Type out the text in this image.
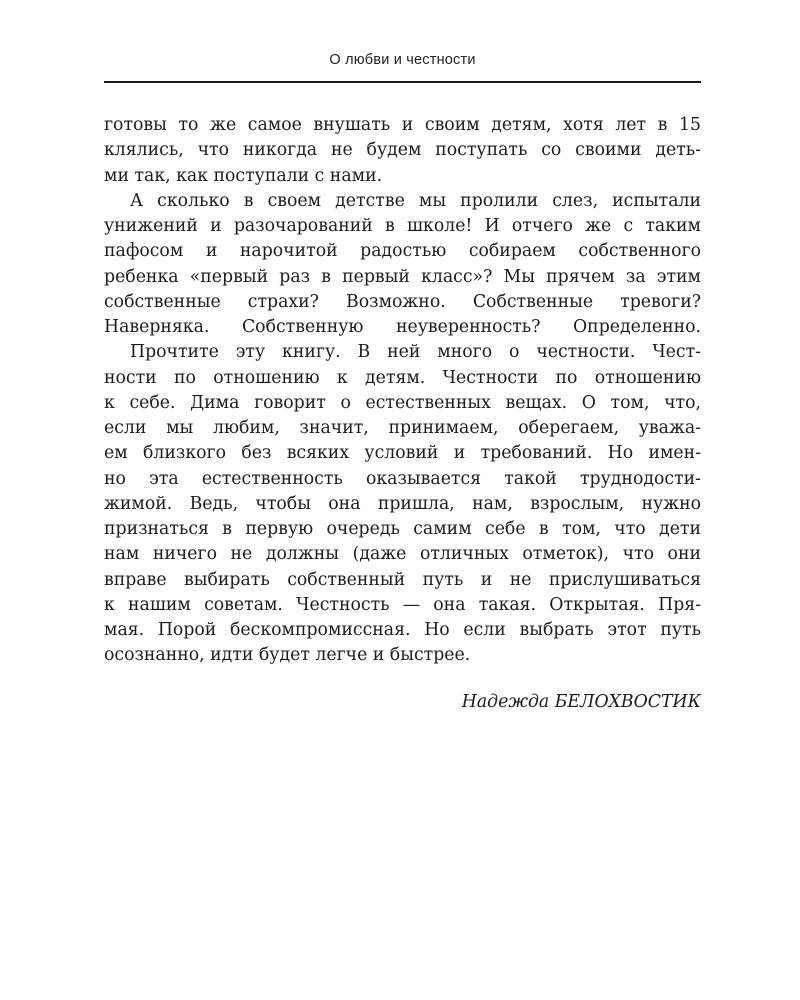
О любви и честности
готовы то же самое внушать и своим детям, хотя лет в 15
клялись, что никогда не будем поступать со своими деть-
ми так, как поступали с нами.
А сколько в своем детстве мы пролили слез, испытали
унижений и разочарований в школе! И отчего же с таким
пафосом и нарочитой радостью собираем собственного
ребенка «первый раз в первый класс»? Мы прячем за этим
собственные страхи? Возможно. Собственные тревоги?
Наверняка. Собственную неуверенность? Определенно.
Прочтите эту книгу. В ней много о честности. Чест-
ности по отношению к детям. Честности по отношению
к себе. Дима говорит о естественных вещах. О том, что,
если мы любим, значит, принимаем, оберегаем, уважа-
ем близкого без всяких условий и требований. Но имен-
но эта естественность оказывается такой труднодости-
жимой. Ведь, чтобы она пришла, нам, взрослым, нужно
признаться в первую очередь самим себе в том, что дети
нам ничего не должны (даже отличных отметок), что они
вправе выбирать собственный путь и не прислушиваться
к нашим советам. Честность — она такая. Открытая. Пря-
мая. Порой бескомпромиссная. Но если выбрать этот путь
осознанно, идти будет легче и быстрее.
Надежда БЕЛОХВОСТИК
